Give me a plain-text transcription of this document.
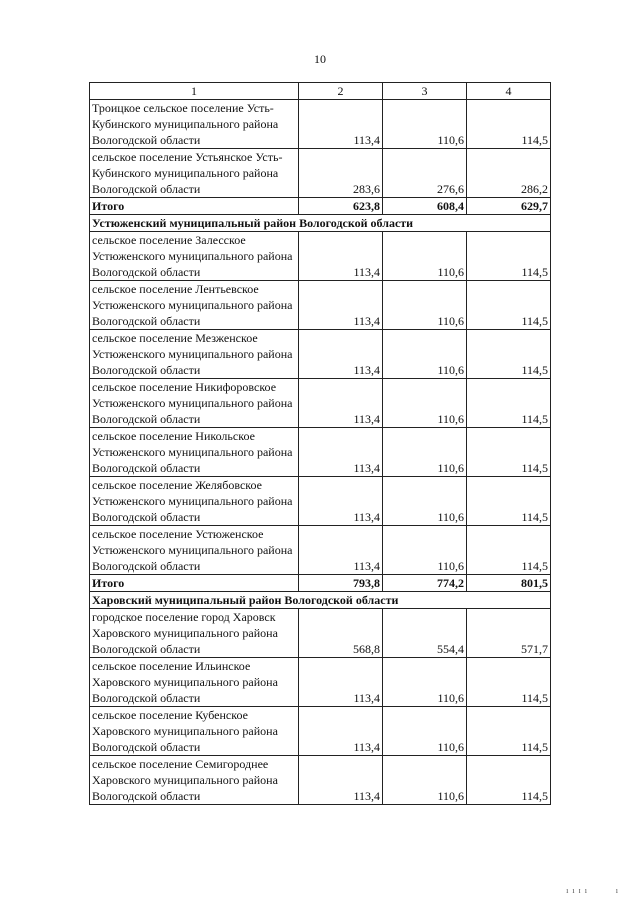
10
1	2	3	4
Троицкое сельское поселение Усть-Кубинского муниципального района Вологодской области	113,4	110,6	114,5
сельское поселение Устьянское Усть-Кубинского муниципального района Вологодской области	283,6	276,6	286,2
Итого	623,8	608,4	629,7
Устюженский муниципальный район Вологодской области			
сельское поселение Залесское Устюженского муниципального района Вологодской области	113,4	110,6	114,5
сельское поселение Лентьевское Устюженского муниципального района Вологодской области	113,4	110,6	114,5
сельское поселение Мезженское Устюженского муниципального района Вологодской области	113,4	110,6	114,5
сельское поселение Никифоровское Устюженского муниципального района Вологодской области	113,4	110,6	114,5
сельское поселение Никольское Устюженского муниципального района Вологодской области	113,4	110,6	114,5
сельское поселение Желябовское Устюженского муниципального района Вологодской области	113,4	110,6	114,5
сельское поселение Устюженское Устюженского муниципального района Вологодской области	113,4	110,6	114,5
Итого	793,8	774,2	801,5
Харовский муниципальный район Вологодской области			
городское поселение город Харовск Харовского муниципального района Вологодской области	568,8	554,4	571,7
сельское поселение Ильинское Харовского муниципального района Вологодской области	113,4	110,6	114,5
сельское поселение Кубенское Харовского муниципального района Вологодской области	113,4	110,6	114,5
сельское поселение Семигороднее Харовского муниципального района Вологодской области	113,4	110,6	114,5
ı ı ɪ ı	ı
